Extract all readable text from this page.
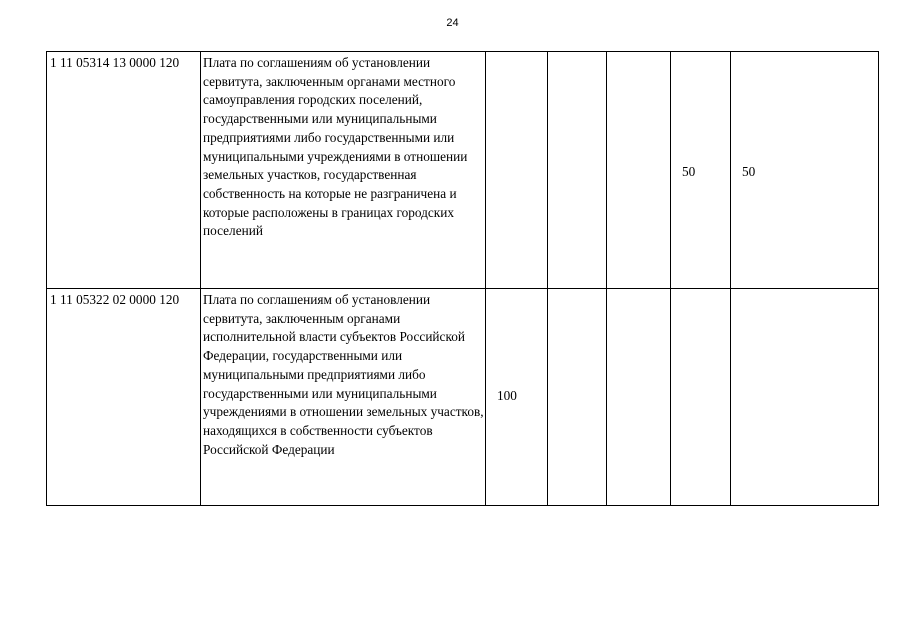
24
1 11 05314 13 0000 120	Плата по соглашениям об установлении сервитута, заключенным органами местного самоуправления городских поселений, государственными или муниципальными предприятиями либо государственными или муниципальными учреждениями в отношении земельных участков, государственная собственность на которые не разграничена и которые расположены в границах городских поселений				50	50	
1 11 05322 02 0000 120	Плата по соглашениям об установлении сервитута, заключенным органами исполнительной власти субъектов Российской Федерации, государственными или муниципальными предприятиями либо государственными или муниципальными учреждениями в отношении земельных участков, находящихся в собственности субъектов Российской Федерации	100					
